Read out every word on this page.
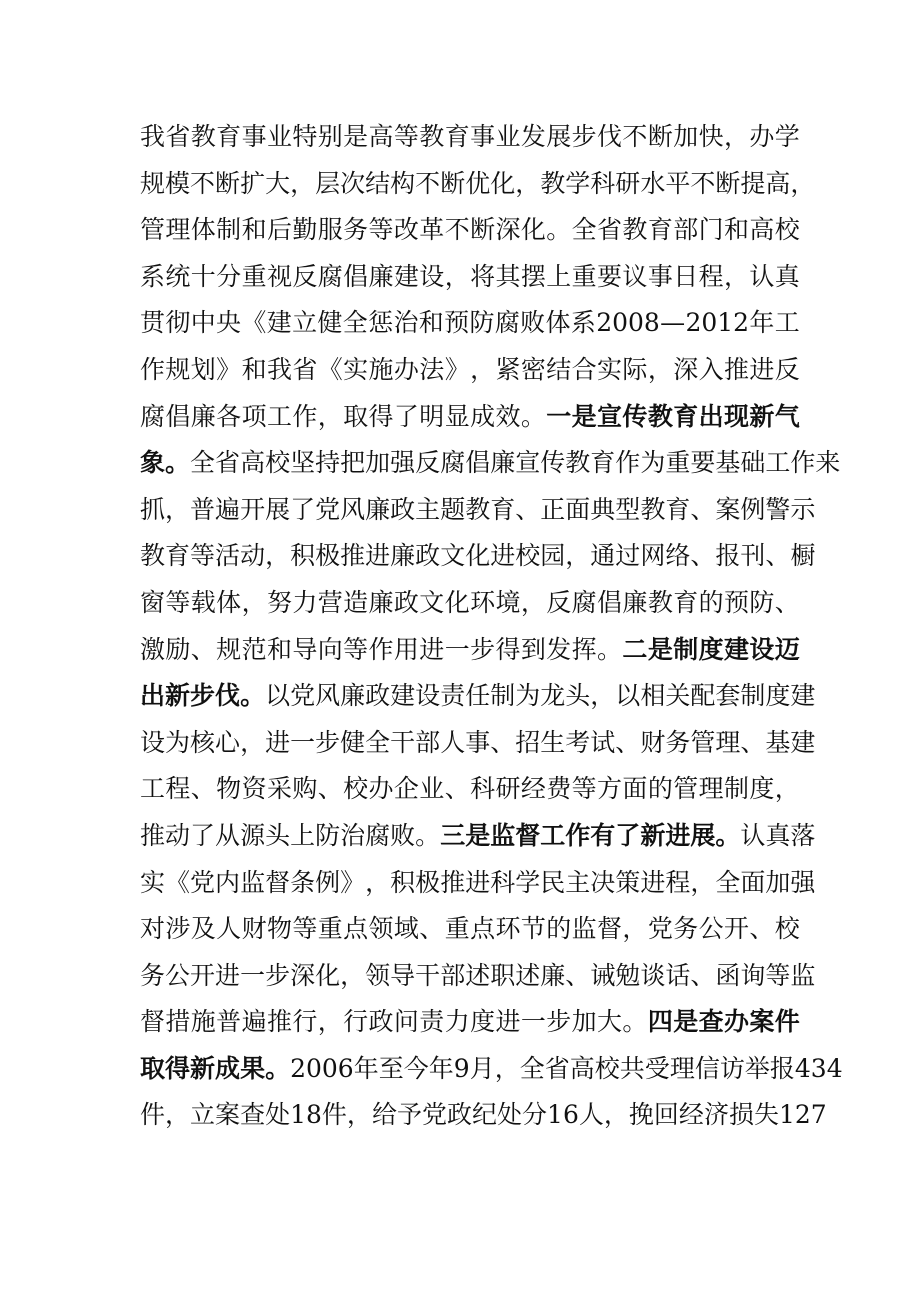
我 省 教 育 事 业 特 别 是 高 等 教 育 事 业 发 展 步 伐 不 断 加 快 ， 办 学
规 模 不 断 扩 大 ， 层 次 结 构 不 断 优 化 ， 教 学 科 研 水 平 不 断 提 高 ，
管 理 体 制 和 后 勤 服 务 等 改 革 不 断 深 化 。 全 省 教 育 部 门 和 高 校
系 统 十 分 重 视 反 腐 倡 廉 建 设 ， 将 其 摆 上 重 要 议 事 日 程 ， 认 真
贯 彻 中 央 《 建 立 健 全 惩 治 和 预 防 腐 败 体 系 2008 — 2012 年 工
作 规 划 》 和 我 省 《 实 施 办 法 》 ， 紧 密 结 合 实 际 ， 深 入 推 进 反
腐 倡 廉 各 项 工 作 ， 取 得 了 明 显 成 效 。 一 是 宣 传 教 育 出 现 新 气
象 。 全 省 高 校 坚 持 把 加 强 反 腐 倡 廉 宣 传 教 育 作 为 重 要 基 础 工 作 来
抓 ， 普 遍 开 展 了 党 风 廉 政 主 题 教 育 、 正 面 典 型 教 育 、 案 例 警 示
教 育 等 活 动 ， 积 极 推 进 廉 政 文 化 进 校 园 ， 通 过 网 络 、 报 刊 、 橱
窗 等 载 体 ， 努 力 营 造 廉 政 文 化 环 境 ， 反 腐 倡 廉 教 育 的 预 防 、
激 励 、 规 范 和 导 向 等 作 用 进 一 步 得 到 发 挥 。 二 是 制 度 建 设 迈
出 新 步 伐 。 以 党 风 廉 政 建 设 责 任 制 为 龙 头 ， 以 相 关 配 套 制 度 建
设 为 核 心 ， 进 一 步 健 全 干 部 人 事 、 招 生 考 试 、 财 务 管 理 、 基 建
工 程 、 物 资 采 购 、 校 办 企 业 、 科 研 经 费 等 方 面 的 管 理 制 度 ，
推 动 了 从 源 头 上 防 治 腐 败 。 三 是 监 督 工 作 有 了 新 进 展 。 认 真 落
实 《 党 内 监 督 条 例 》 ， 积 极 推 进 科 学 民 主 决 策 进 程 ， 全 面 加 强
对 涉 及 人 财 物 等 重 点 领 域 、 重 点 环 节 的 监 督 ， 党 务 公 开 、 校
务 公 开 进 一 步 深 化 ， 领 导 干 部 述 职 述 廉 、 诫 勉 谈 话 、 函 询 等 监
督 措 施 普 遍 推 行 ， 行 政 问 责 力 度 进 一 步 加 大 。 四 是 查 办 案 件
取 得 新 成 果 。 2006 年 至 今 年 9 月 ， 全 省 高 校 共 受 理 信 访 举 报 434
件 ， 立 案 查 处 18 件 ， 给 予 党 政 纪 处 分 16 人 ， 挽 回 经 济 损 失 127
